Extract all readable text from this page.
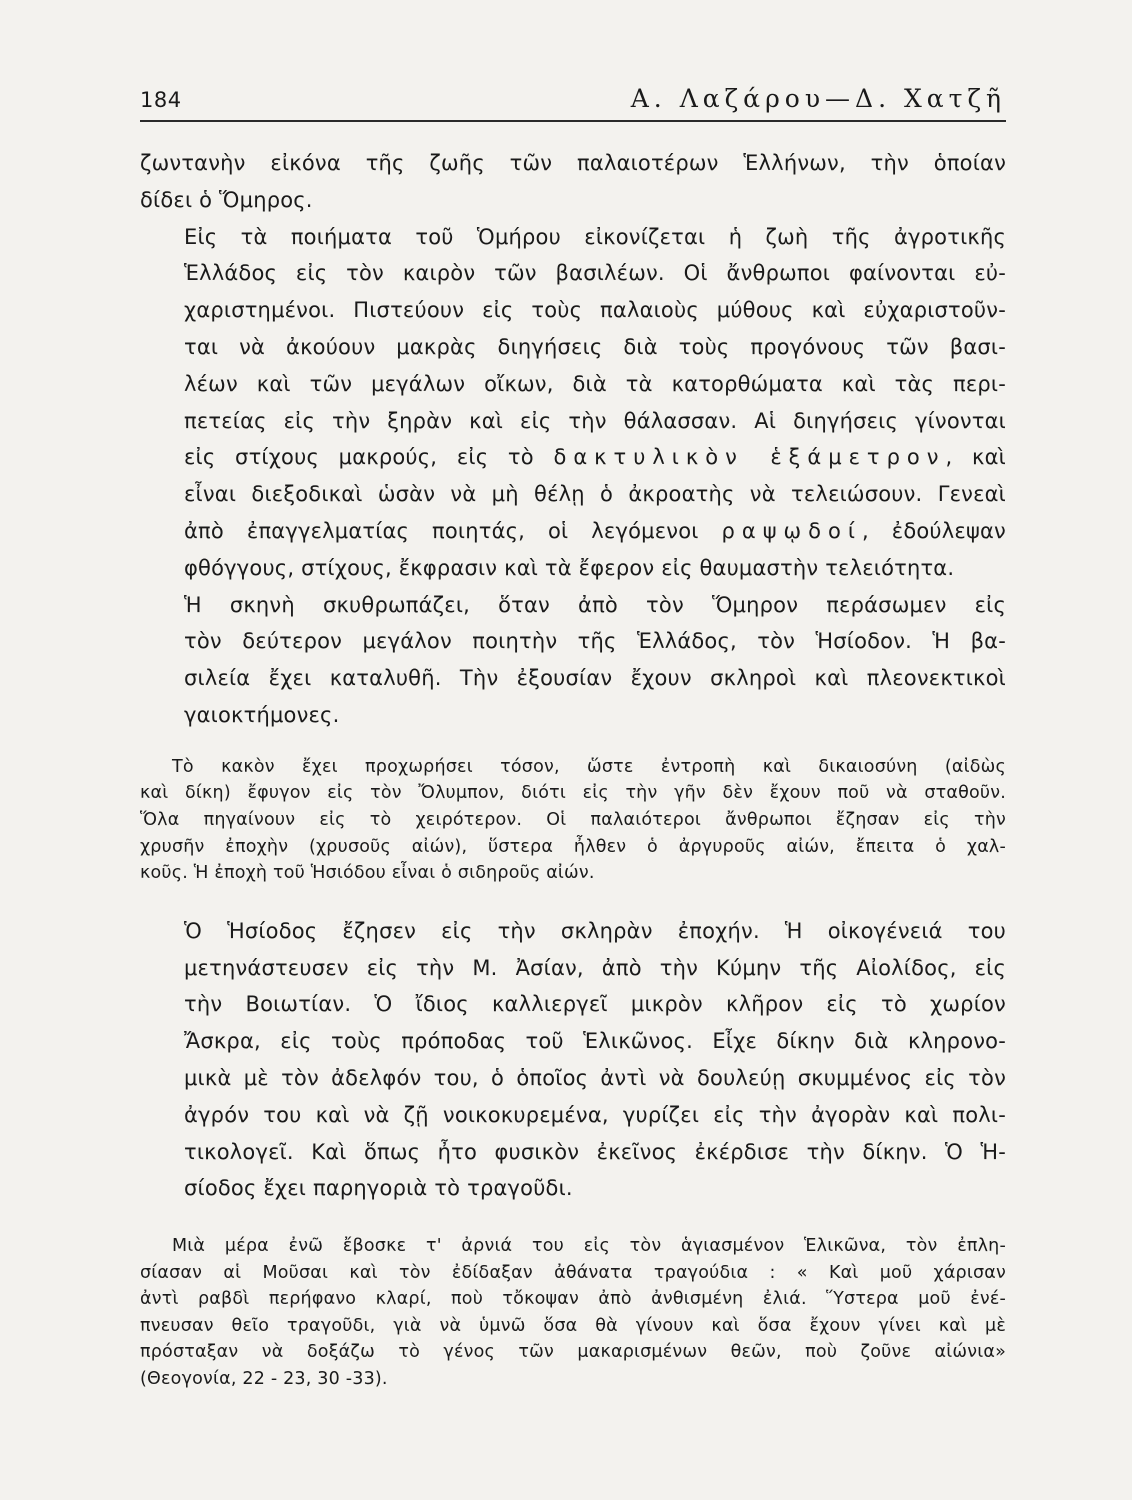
184	Α. Λαζάρου—Δ. Χατζῆ

ζωντανὴν εἰκόνα τῆς ζωῆς τῶν παλαιοτέρων Ἑλλήνων, τὴν ὁποίαν
δίδει ὁ Ὅμηρος.

Εἰς τὰ ποιήματα τοῦ Ὁμήρου εἰκονίζεται ἡ ζωὴ τῆς ἀγροτικῆς
Ἑλλάδος εἰς τὸν καιρὸν τῶν βασιλέων. Οἱ ἄνθρωποι φαίνονται εὐ-
χαριστημένοι. Πιστεύουν εἰς τοὺς παλαιοὺς μύθους καὶ εὐχαριστοῦν-
ται νὰ ἀκούουν μακρὰς διηγήσεις διὰ τοὺς προγόνους τῶν βασι-
λέων καὶ τῶν μεγάλων οἴκων, διὰ τὰ κατορθώματα καὶ τὰς περι-
πετείας εἰς τὴν ξηρὰν καὶ εἰς τὴν θάλασσαν. Αἱ διηγήσεις γίνονται
εἰς στίχους μακρούς, εἰς τὸ δακτυλικὸν ἑξάμετρον, καὶ
εἶναι διεξοδικαὶ ὡσὰν νὰ μὴ θέλῃ ὁ ἀκροατὴς νὰ τελειώσουν. Γενεαὶ
ἀπὸ ἐπαγγελματίας ποιητάς, οἱ λεγόμενοι ραψῳδοί, ἐδούλεψαν
φθόγγους, στίχους, ἔκφρασιν καὶ τὰ ἔφερον εἰς θαυμαστὴν τελειότητα.

Ἡ σκηνὴ σκυθρωπάζει, ὅταν ἀπὸ τὸν Ὅμηρον περάσωμεν εἰς
τὸν δεύτερον μεγάλον ποιητὴν τῆς Ἑλλάδος, τὸν Ἡσίοδον. Ἡ βα-
σιλεία ἔχει καταλυθῆ. Τὴν ἐξουσίαν ἔχουν σκληροὶ καὶ πλεονεκτικοὶ
γαιοκτήμονες.

Τὸ κακὸν ἔχει προχωρήσει τόσον, ὥστε ἐντροπὴ καὶ δικαιοσύνη (αἰδὼς
καὶ δίκη) ἔφυγον εἰς τὸν Ὄλυμπον, διότι εἰς τὴν γῆν δὲν ἔχουν ποῦ νὰ σταθοῦν.
Ὅλα πηγαίνουν εἰς τὸ χειρότερον. Οἱ παλαιότεροι ἄνθρωποι ἔζησαν εἰς τὴν
χρυσῆν ἐποχὴν (χρυσοῦς αἰών), ὕστερα ἦλθεν ὁ ἀργυροῦς αἰών, ἔπειτα ὁ χαλ-
κοῦς. Ἡ ἐποχὴ τοῦ Ἡσιόδου εἶναι ὁ σιδηροῦς αἰών.

Ὁ Ἡσίοδος ἔζησεν εἰς τὴν σκληρὰν ἐποχήν. Ἡ οἰκογένειά του
μετηνάστευσεν εἰς τὴν Μ. Ἀσίαν, ἀπὸ τὴν Κύμην τῆς Αἰολίδος, εἰς
τὴν Βοιωτίαν. Ὁ ἴδιος καλλιεργεῖ μικρὸν κλῆρον εἰς τὸ χωρίον
Ἄσκρα, εἰς τοὺς πρόποδας τοῦ Ἑλικῶνος. Εἶχε δίκην διὰ κληρονο-
μικὰ μὲ τὸν ἀδελφόν του, ὁ ὁποῖος ἀντὶ νὰ δουλεύῃ σκυμμένος εἰς τὸν
ἀγρόν του καὶ νὰ ζῇ νοικοκυρεμένα, γυρίζει εἰς τὴν ἀγορὰν καὶ πολι-
τικολογεῖ. Καὶ ὅπως ἦτο φυσικὸν ἐκεῖνος ἐκέρδισε τὴν δίκην. Ὁ Ἡ-
σίοδος ἔχει παρηγοριὰ τὸ τραγοῦδι.

Μιὰ μέρα ἐνῶ ἔβοσκε τ' ἀρνιά του εἰς τὸν ἁγιασμένον Ἑλικῶνα, τὸν ἐπλη-
σίασαν αἱ Μοῦσαι καὶ τὸν ἐδίδαξαν ἀθάνατα τραγούδια : « Καὶ μοῦ χάρισαν
ἀντὶ ραβδὶ περήφανο κλαρί, ποὺ τὄκοψαν ἀπὸ ἀνθισμένη ἐλιά. Ὕστερα μοῦ ἐνέ-
πνευσαν θεῖο τραγοῦδι, γιὰ νὰ ὑμνῶ ὅσα θὰ γίνουν καὶ ὅσα ἔχουν γίνει καὶ μὲ
πρόσταξαν νὰ δοξάζω τὸ γένος τῶν μακαρισμένων θεῶν, ποὺ ζοῦνε αἰώνια»
(Θεογονία, 22 - 23, 30 -33).
